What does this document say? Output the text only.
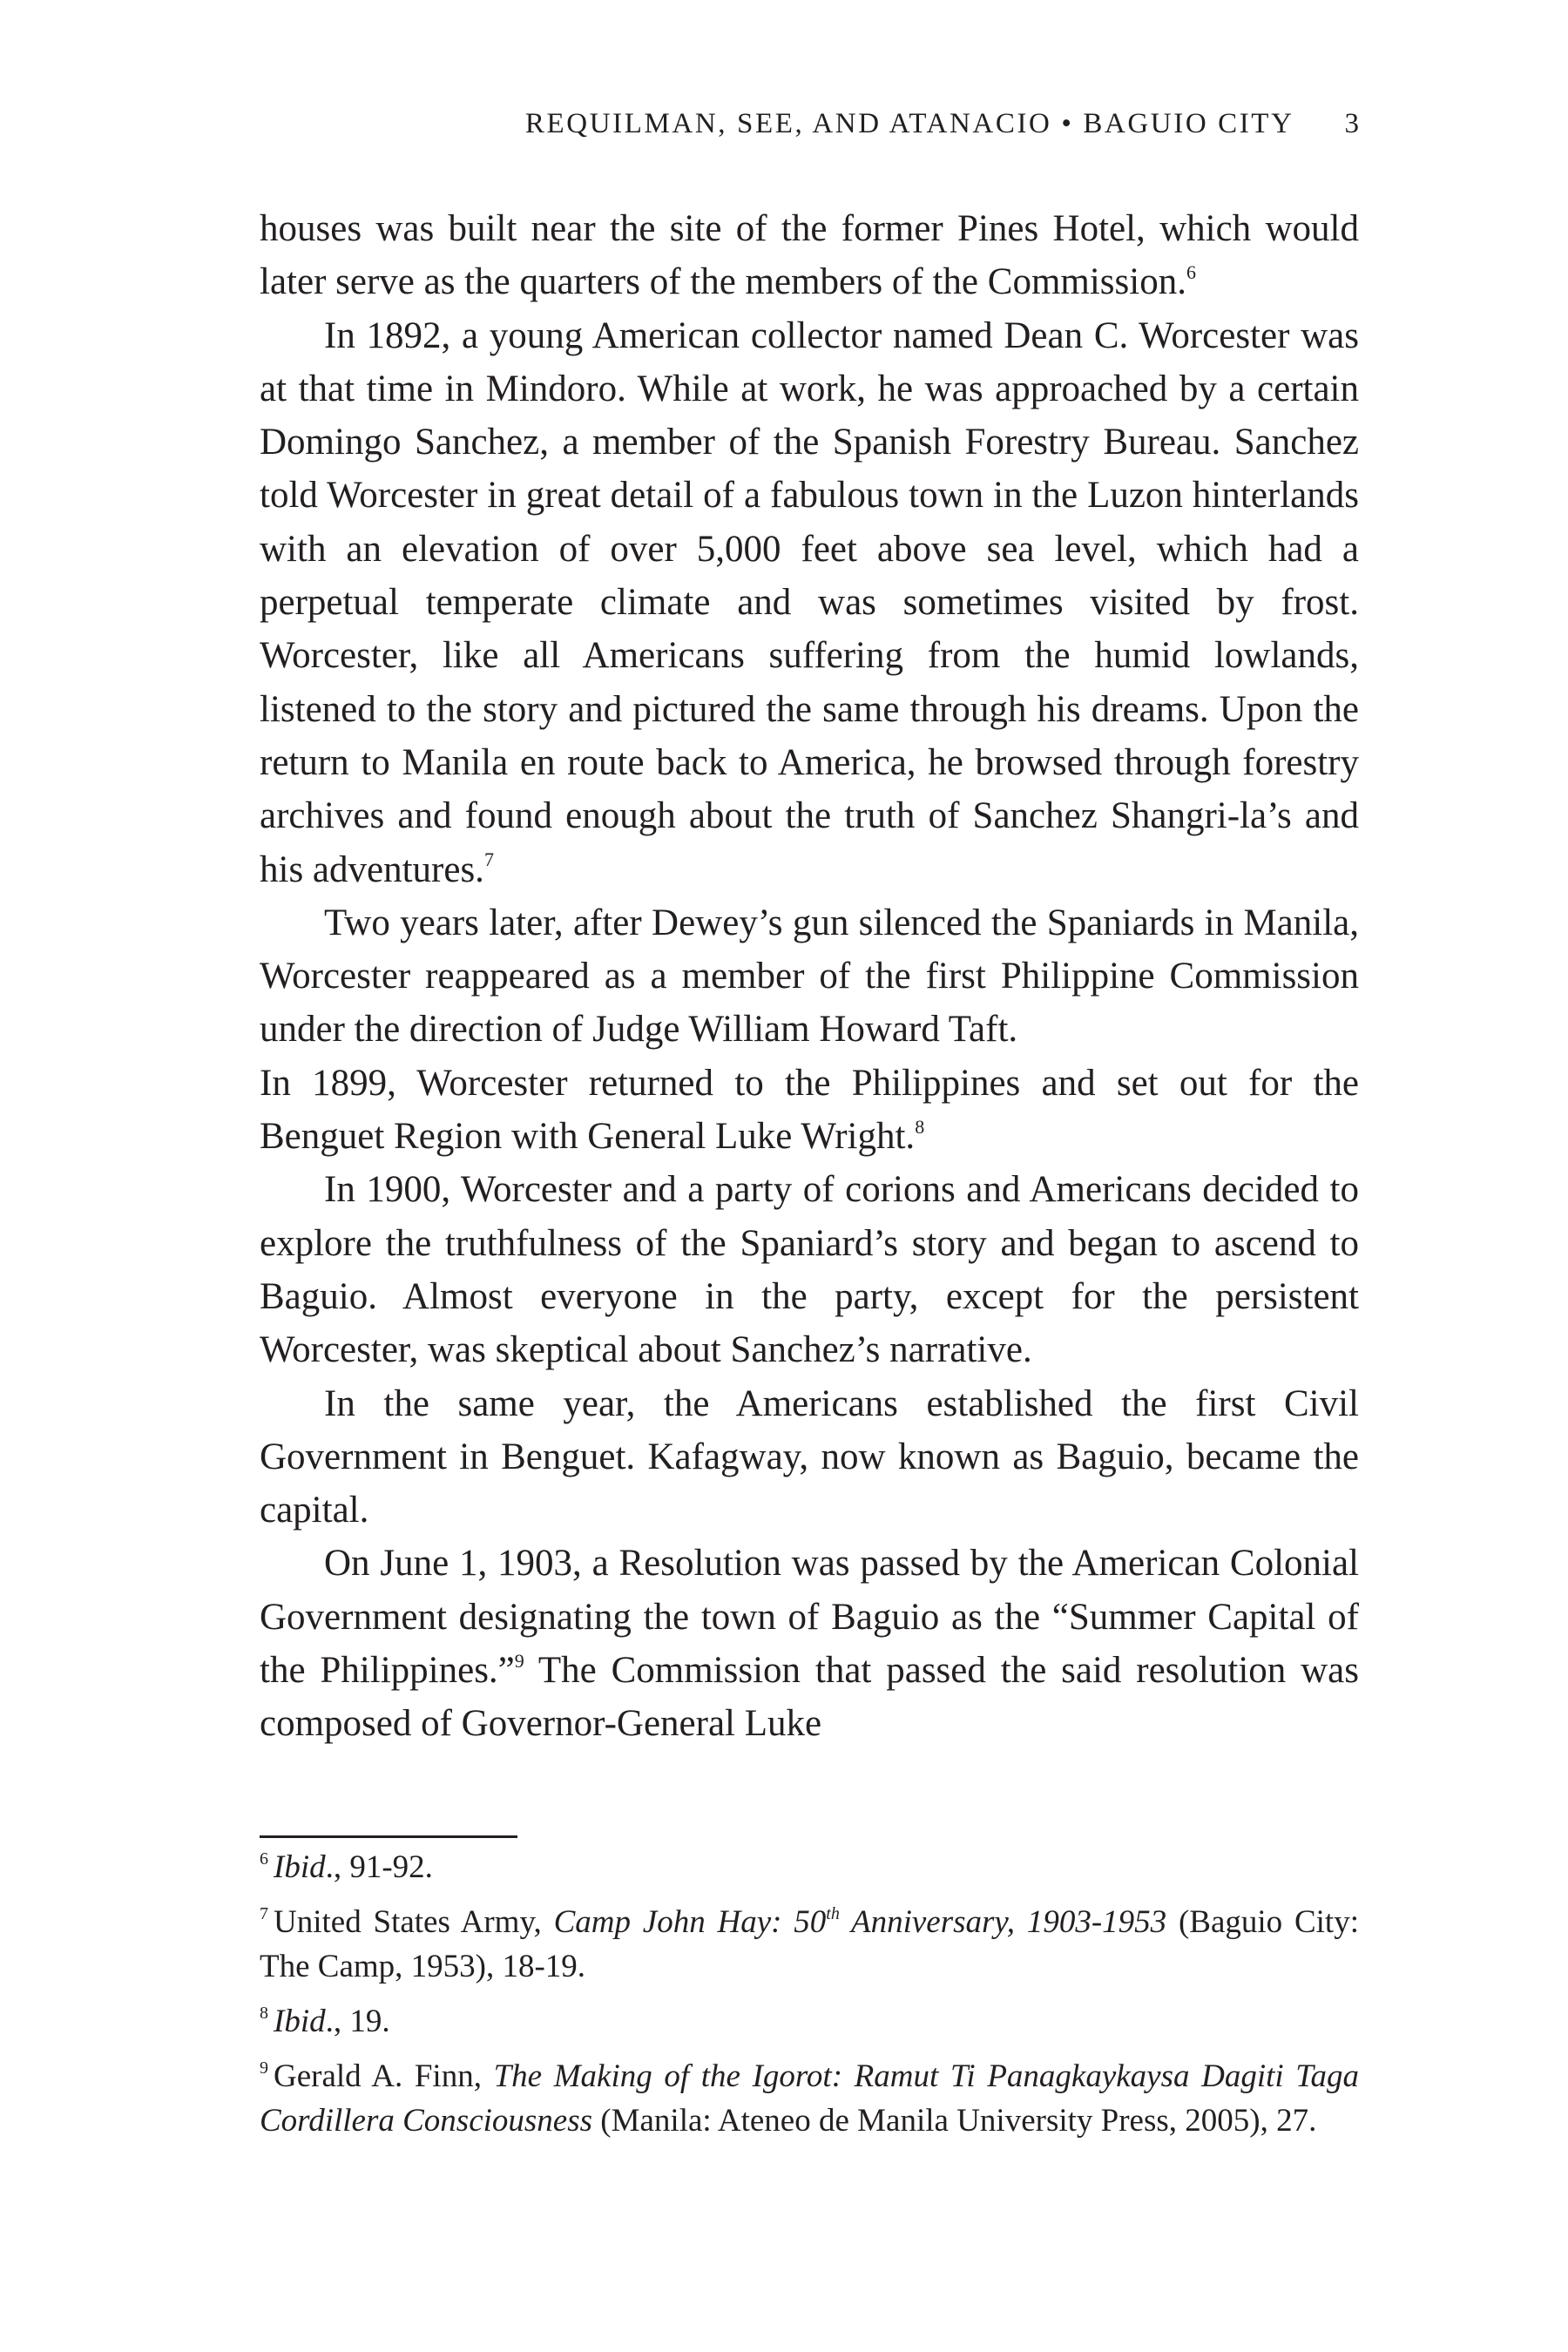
REQUILMAN, SEE, AND ATANACIO • BAGUIO CITY 3

houses was built near the site of the former Pines Hotel, which would later serve as the quarters of the members of the Commission.$^6$

In 1892, a young American collector named Dean C. Worcester was at that time in Mindoro. While at work, he was approached by a certain Domingo Sanchez, a member of the Spanish Forestry Bureau. Sanchez told Worcester in great detail of a fabulous town in the Luzon hinterlands with an elevation of over 5,000 feet above sea level, which had a perpetual temperate climate and was sometimes visited by frost. Worcester, like all Americans suffering from the humid lowlands, listened to the story and pictured the same through his dreams. Upon the return to Manila en route back to America, he browsed through forestry archives and found enough about the truth of Sanchez Shangri-la’s and his adventures.$^7$

Two years later, after Dewey’s gun silenced the Spaniards in Manila, Worcester reappeared as a member of the first Philippine Commission under the direction of Judge William Howard Taft.

In 1899, Worcester returned to the Philippines and set out for the Benguet Region with General Luke Wright.$^8$

In 1900, Worcester and a party of corions and Americans decided to explore the truthfulness of the Spaniard’s story and began to ascend to Baguio. Almost everyone in the party, except for the persistent Worcester, was skeptical about Sanchez’s narrative.

In the same year, the Americans established the first Civil Government in Benguet. Kafagway, now known as Baguio, became the capital.

On June 1, 1903, a Resolution was passed by the American Colonial Government designating the town of Baguio as the “Summer Capital of the Philippines.”$^9$ The Commission that passed the said resolution was composed of Governor-General Luke

$^6$ Ibid., 91-92.

$^7$ United States Army, Camp John Hay: 50th Anniversary, 1903-1953 (Baguio City: The Camp, 1953), 18-19.

$^8$ Ibid., 19.

$^9$ Gerald A. Finn, The Making of the Igorot: Ramut Ti Panagkaykaysa Dagiti Taga Cordillera Consciousness (Manila: Ateneo de Manila University Press, 2005), 27.
